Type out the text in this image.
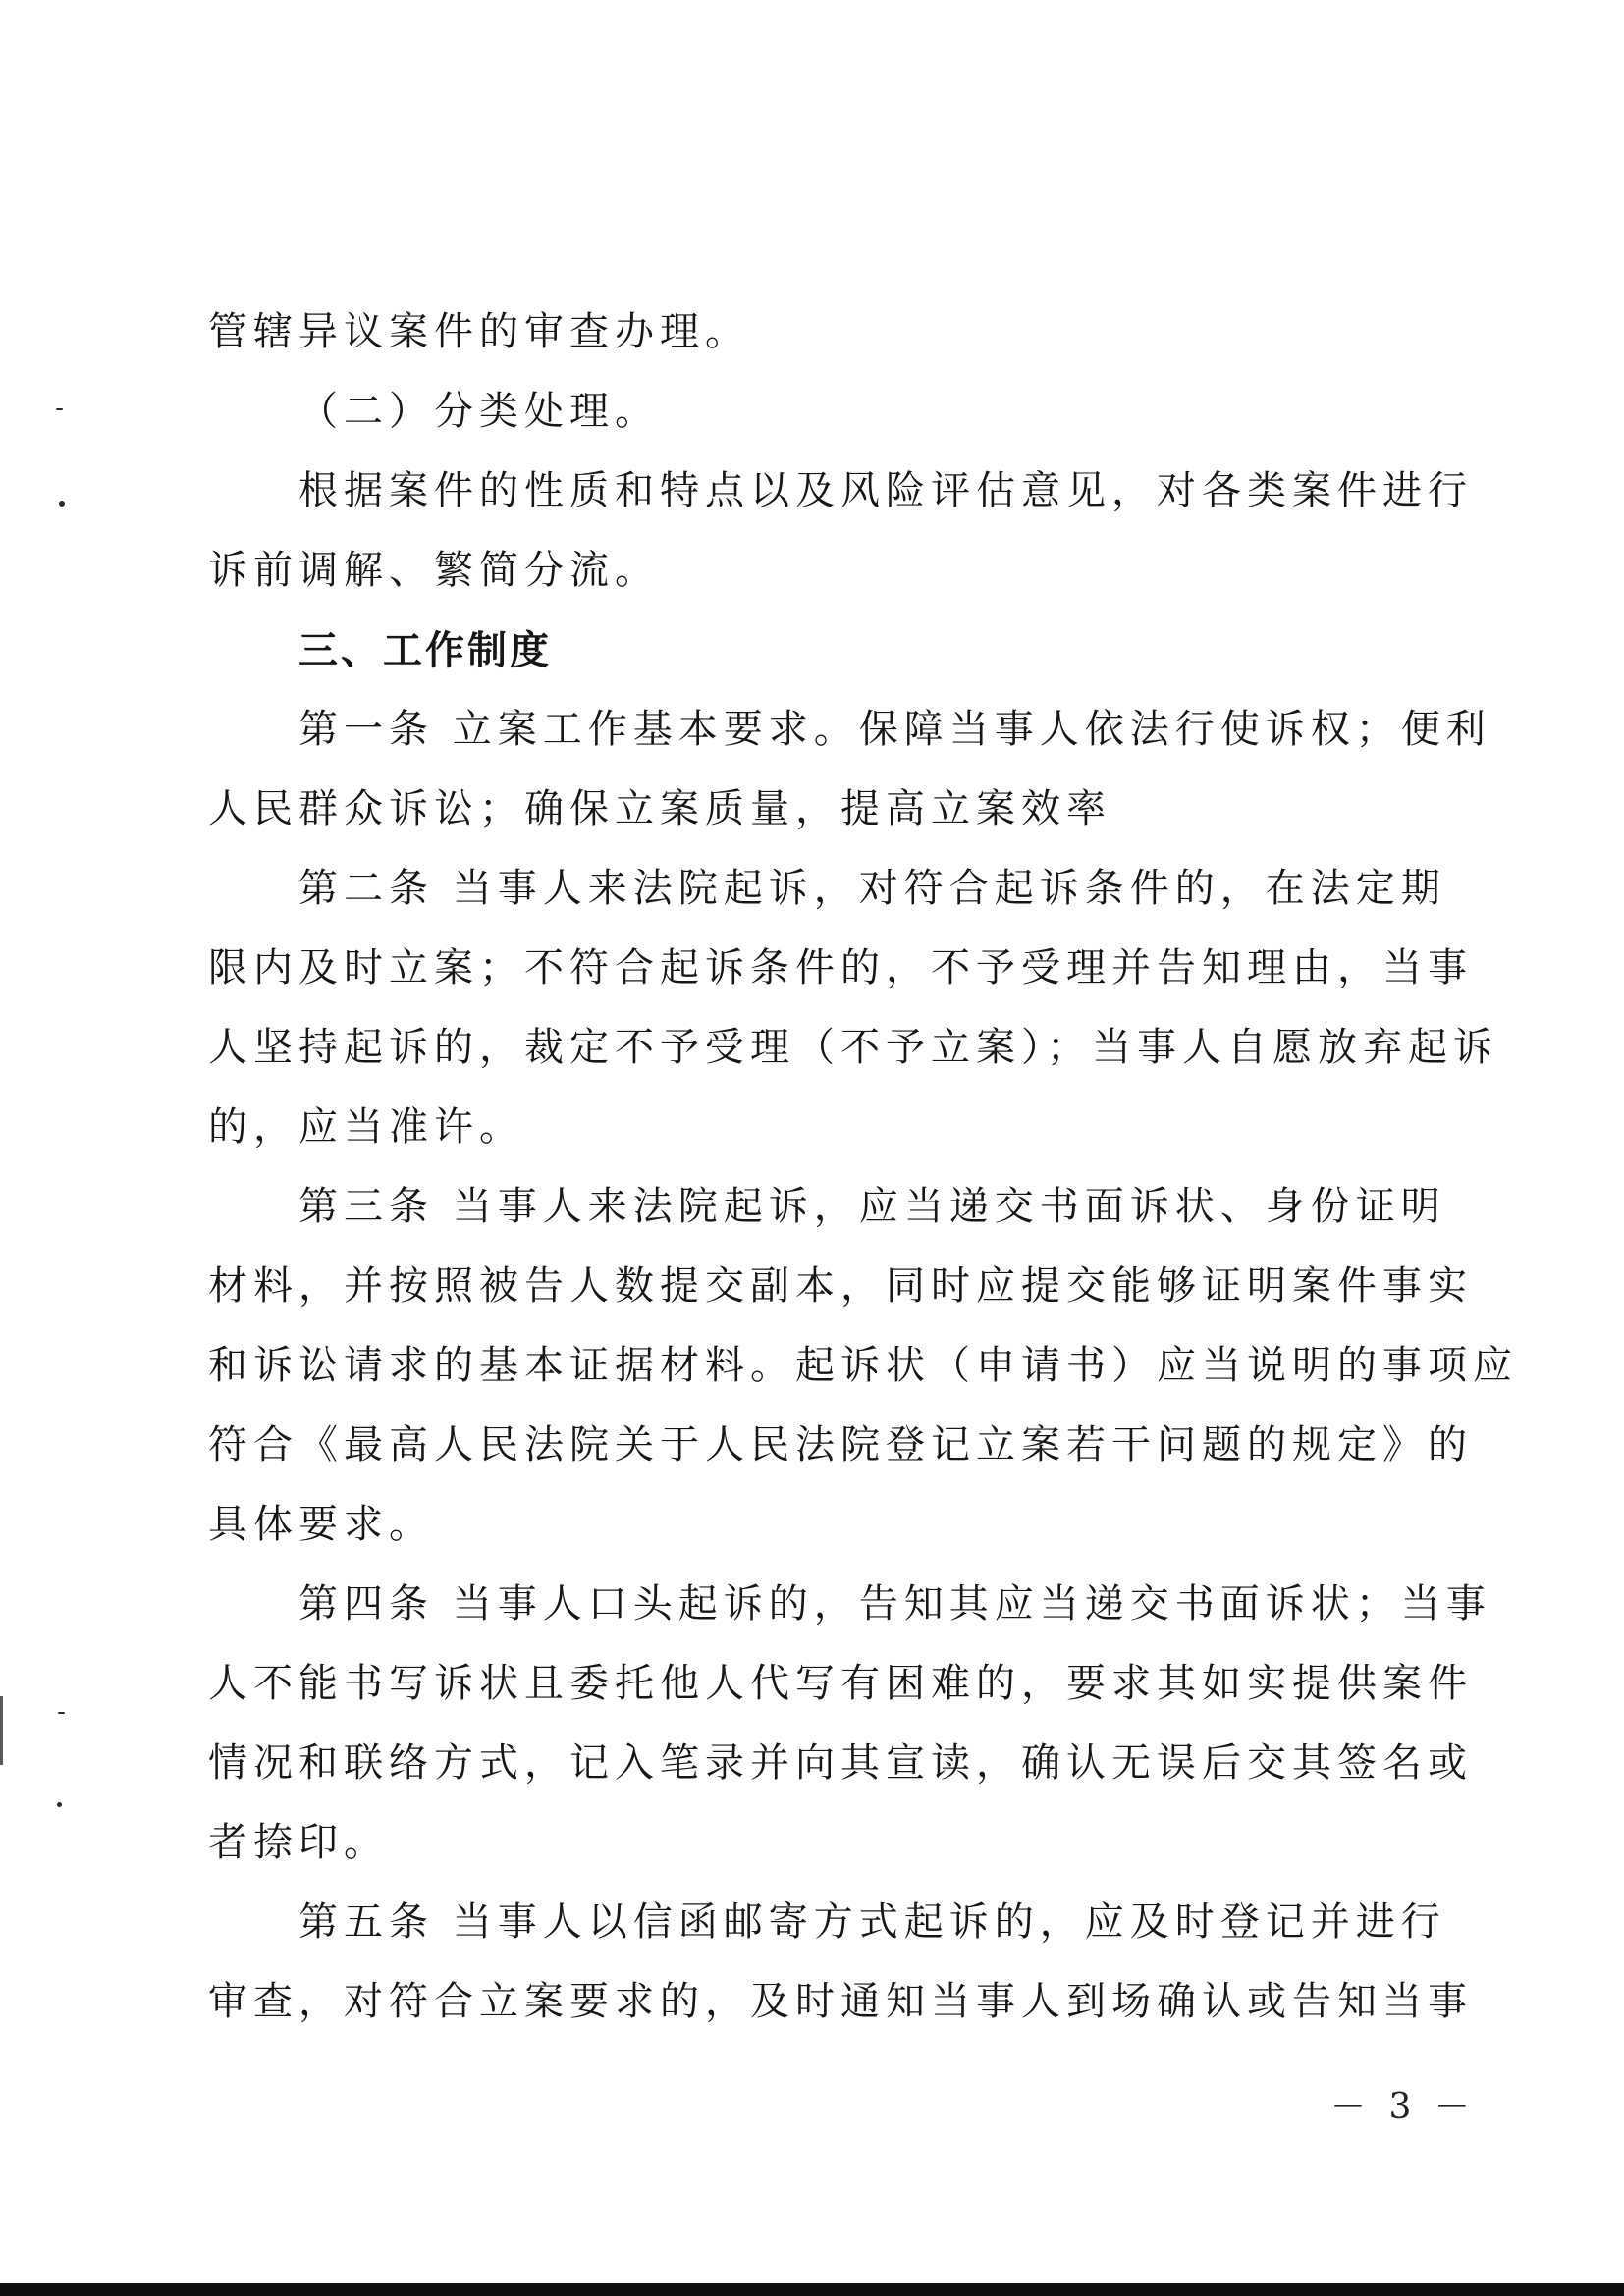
管辖异议案件的审查办理。
（二）分类处理。
根据案件的性质和特点以及风险评估意见，对各类案件进行
诉前调解、繁简分流。
三、工作制度
第一条 立案工作基本要求。保障当事人依法行使诉权；便利
人民群众诉讼；确保立案质量，提高立案效率
第二条 当事人来法院起诉，对符合起诉条件的，在法定期
限内及时立案；不符合起诉条件的，不予受理并告知理由，当事
人坚持起诉的，裁定不予受理（不予立案）；当事人自愿放弃起诉
的，应当准许。
第三条 当事人来法院起诉，应当递交书面诉状、身份证明
材料，并按照被告人数提交副本，同时应提交能够证明案件事实
和诉讼请求的基本证据材料。起诉状（申请书）应当说明的事项应
符合《最高人民法院关于人民法院登记立案若干问题的规定》的
具体要求。
第四条 当事人口头起诉的，告知其应当递交书面诉状；当事
人不能书写诉状且委托他人代写有困难的，要求其如实提供案件
情况和联络方式，记入笔录并向其宣读，确认无误后交其签名或
者捺印。
第五条 当事人以信函邮寄方式起诉的，应及时登记并进行
审查，对符合立案要求的，及时通知当事人到场确认或告知当事
－ 3 －
